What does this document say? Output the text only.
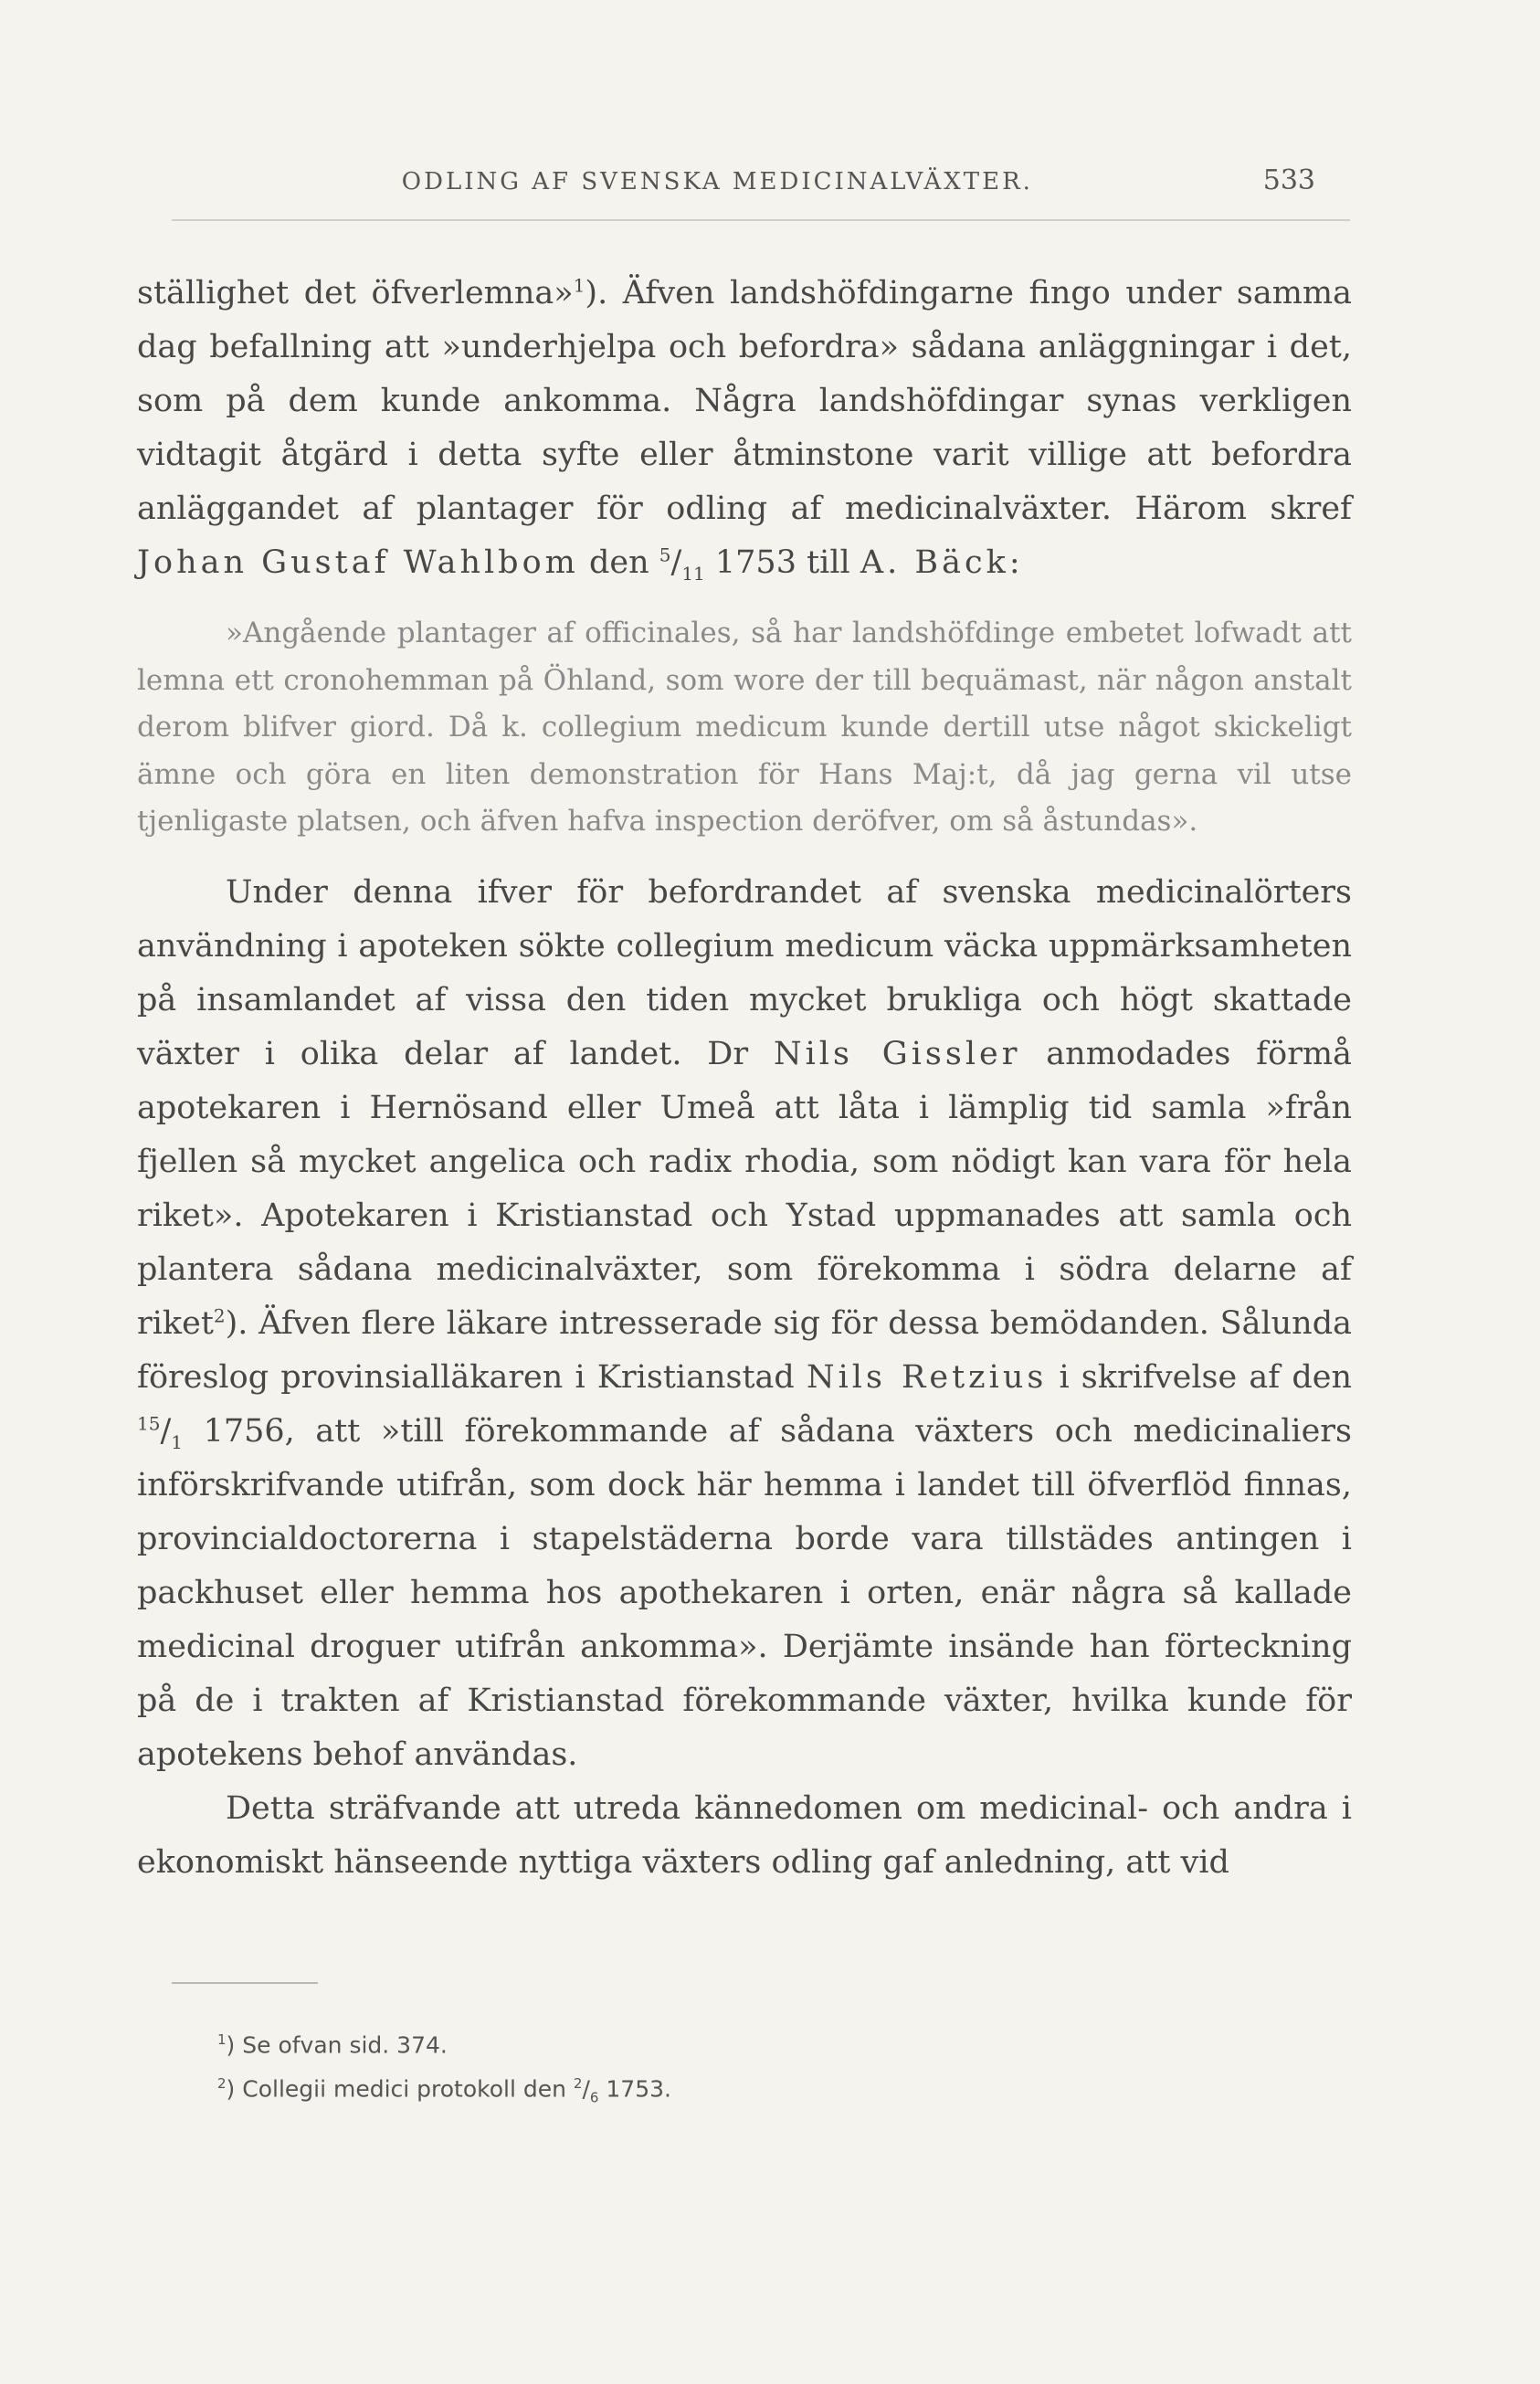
ODLING AF SVENSKA MEDICINALVÄXTER.	533

ställighet det öfverlemna»$^1$). Äfven landshöfdingarne fingo under samma dag befallning att »underhjelpa och befordra» sådana anläggningar i det, som på dem kunde ankomma. Några landshöfdingar synas verkligen vidtagit åtgärd i detta syfte eller åtminstone varit villige att befordra anläggandet af plantager för odling af medicinalväxter. Härom skref Johan Gustaf Wahlbom den $^5/_{11}$ 1753 till A. Bäck:

»Angående plantager af officinales, så har landshöfdinge embetet lofwadt att lemna ett cronohemman på Öhland, som wore der till bequämast, när någon anstalt derom blifver giord. Då k. collegium medicum kunde dertill utse något skickeligt ämne och göra en liten demonstration för Hans Maj:t, då jag gerna vil utse tjenligaste platsen, och äfven hafva inspection deröfver, om så åstundas».

Under denna ifver för befordrandet af svenska medicinalörters användning i apoteken sökte collegium medicum väcka uppmärksamheten på insamlandet af vissa den tiden mycket brukliga och högt skattade växter i olika delar af landet. Dr Nils Gissler anmodades förmå apotekaren i Hernösand eller Umeå att låta i lämplig tid samla »från fjellen så mycket angelica och radix rhodia, som nödigt kan vara för hela riket». Apotekaren i Kristianstad och Ystad uppmanades att samla och plantera sådana medicinalväxter, som förekomma i södra delarne af riket$^2$). Äfven flere läkare intresserade sig för dessa bemödanden. Sålunda föreslog provinsialläkaren i Kristianstad Nils Retzius i skrifvelse af den $^{15}/_1$ 1756, att »till förekommande af sådana växters och medicinaliers införskrifvande utifrån, som dock här hemma i landet till öfverflöd finnas, provincialdoctorerna i stapelstäderna borde vara tillstädes antingen i packhuset eller hemma hos apothekaren i orten, enär några så kallade medicinal droguer utifrån ankomma». Derjämte insände han förteckning på de i trakten af Kristianstad förekommande växter, hvilka kunde för apotekens behof användas.

Detta sträfvande att utreda kännedomen om medicinal- och andra i ekonomiskt hänseende nyttiga växters odling gaf anledning, att vid

$^1$) Se ofvan sid. 374.
$^2$) Collegii medici protokoll den $^2/_6$ 1753.
